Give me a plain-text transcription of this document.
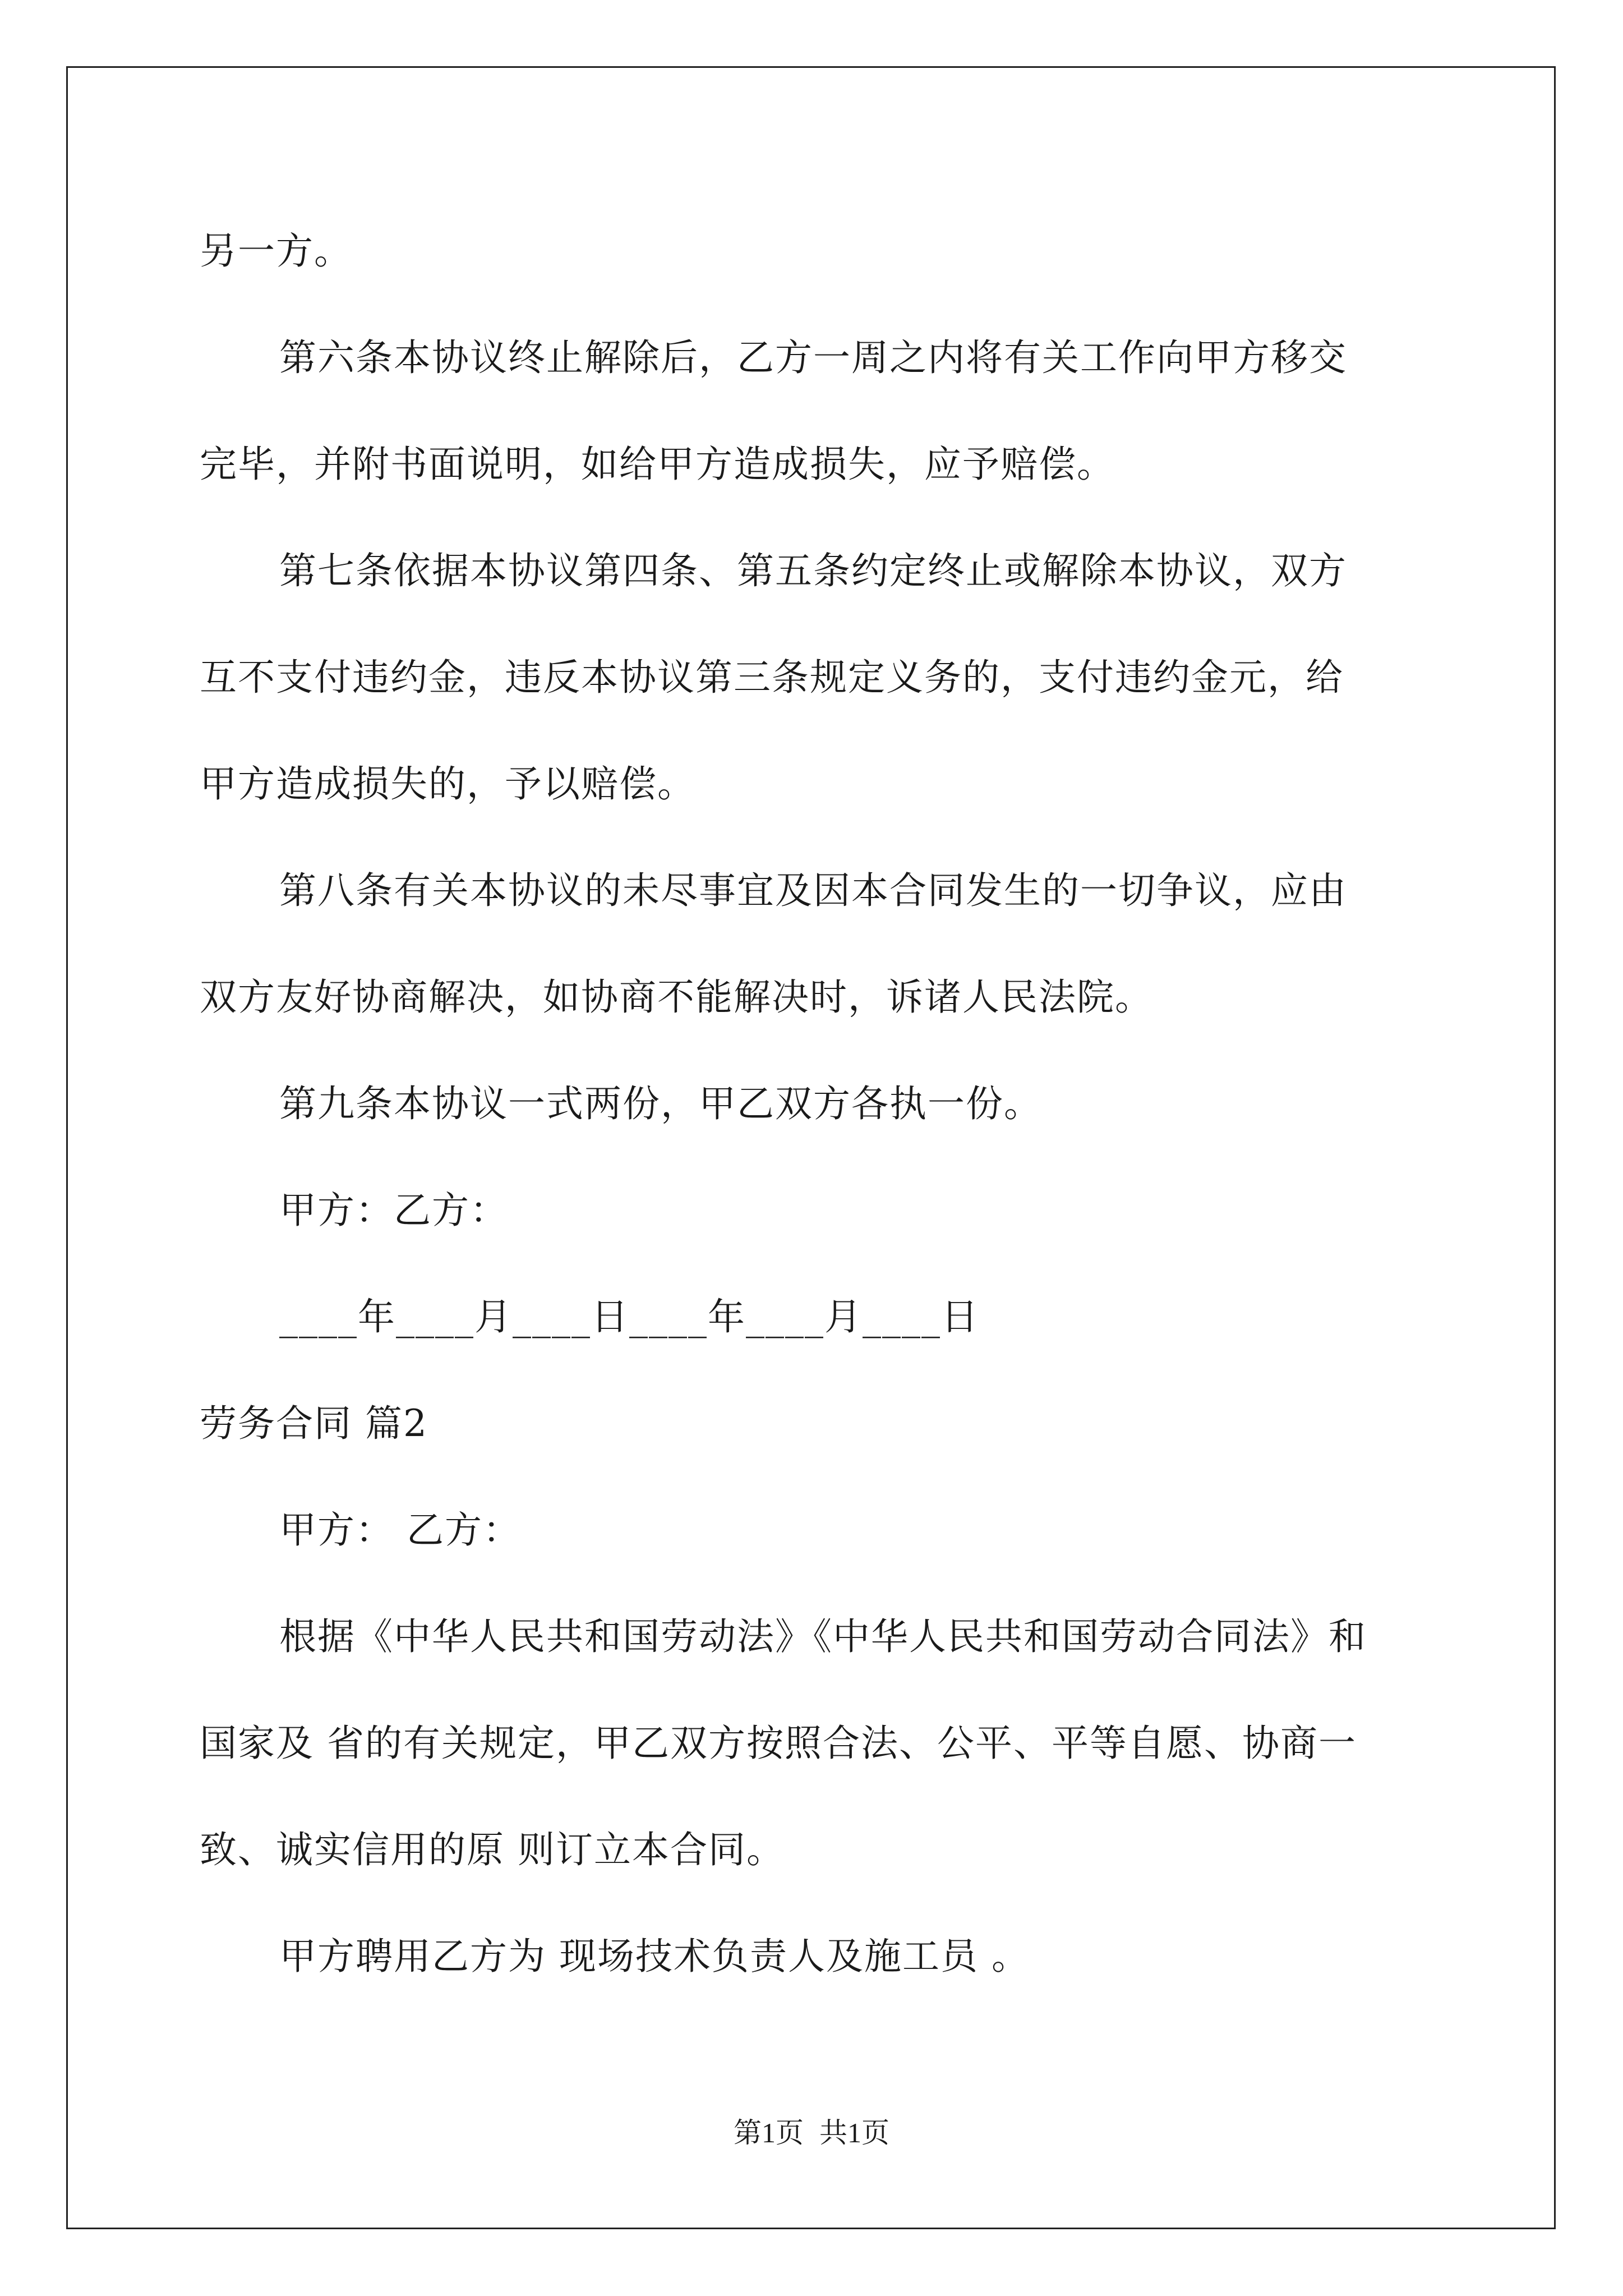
另一方。
第六条本协议终止解除后，乙方一周之内将有关工作向甲方移交
完毕，并附书面说明，如给甲方造成损失，应予赔偿。
第七条依据本协议第四条、第五条约定终止或解除本协议，双方
互不支付违约金，违反本协议第三条规定义务的，支付违约金元，给
甲方造成损失的，予以赔偿。
第八条有关本协议的未尽事宜及因本合同发生的一切争议，应由
双方友好协商解决，如协商不能解决时，诉诸人民法院。
第九条本协议一式两份，甲乙双方各执一份。
甲方：乙方：
____年____月____日____年____月____日
劳务合同 篇2
甲方： 乙方：
根据《中华人民共和国劳动法》《中华人民共和国劳动合同法》和
国家及 省的有关规定，甲乙双方按照合法、公平、平等自愿、协商一
致、诚实信用的原 则订立本合同。
甲方聘用乙方为 现场技术负责人及施工员 。
第1页 共1页
